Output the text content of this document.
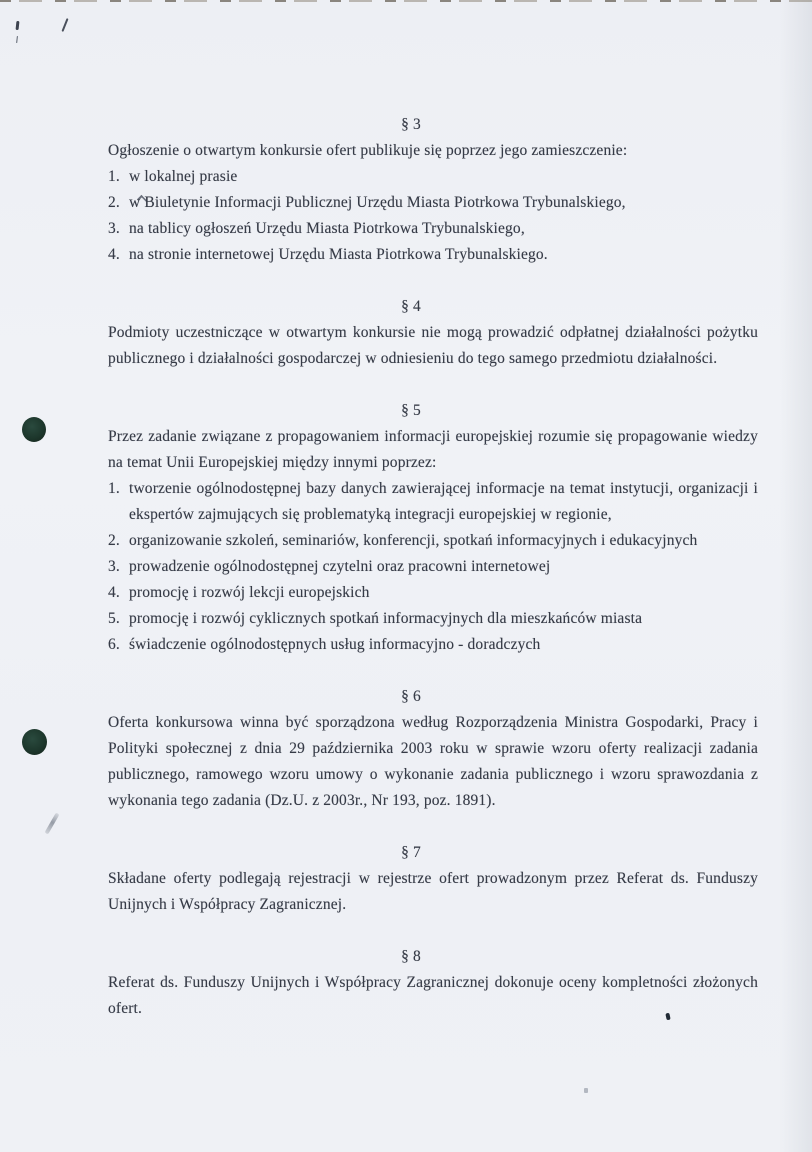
§ 3

Ogłoszenie o otwartym konkursie ofert publikuje się poprzez jego zamieszczenie:

1. w lokalnej prasie
2. w Biuletynie Informacji Publicznej Urzędu Miasta Piotrkowa Trybunalskiego,
3. na tablicy ogłoszeń Urzędu Miasta Piotrkowa Trybunalskiego,
4. na stronie internetowej Urzędu Miasta Piotrkowa Trybunalskiego.
§ 4

Podmioty uczestniczące w otwartym konkursie nie mogą prowadzić odpłatnej działalności pożytku publicznego i działalności gospodarczej w odniesieniu do tego samego przedmiotu działalności.

§ 5

Przez zadanie związane z propagowaniem informacji europejskiej rozumie się propagowanie wiedzy na temat Unii Europejskiej między innymi poprzez:

1. tworzenie ogólnodostępnej bazy danych zawierającej informacje na temat instytucji, organizacji i ekspertów zajmujących się problematyką integracji europejskiej w regionie,
2. organizowanie szkoleń, seminariów, konferencji, spotkań informacyjnych i edukacyjnych
3. prowadzenie ogólnodostępnej czytelni oraz pracowni internetowej
4. promocję i rozwój lekcji europejskich
5. promocję i rozwój cyklicznych spotkań informacyjnych dla mieszkańców miasta
6. świadczenie ogólnodostępnych usług informacyjno - doradczych
§ 6

Oferta konkursowa winna być sporządzona według Rozporządzenia Ministra Gospodarki, Pracy i Polityki społecznej z dnia 29 października 2003 roku w sprawie wzoru oferty realizacji zadania publicznego, ramowego wzoru umowy o wykonanie zadania publicznego i wzoru sprawozdania z wykonania tego zadania (Dz.U. z 2003r., Nr 193, poz. 1891).

§ 7

Składane oferty podlegają rejestracji w rejestrze ofert prowadzonym przez Referat ds. Funduszy Unijnych i Współpracy Zagranicznej.

§ 8

Referat ds. Funduszy Unijnych i Współpracy Zagranicznej dokonuje oceny kompletności złożonych ofert.
